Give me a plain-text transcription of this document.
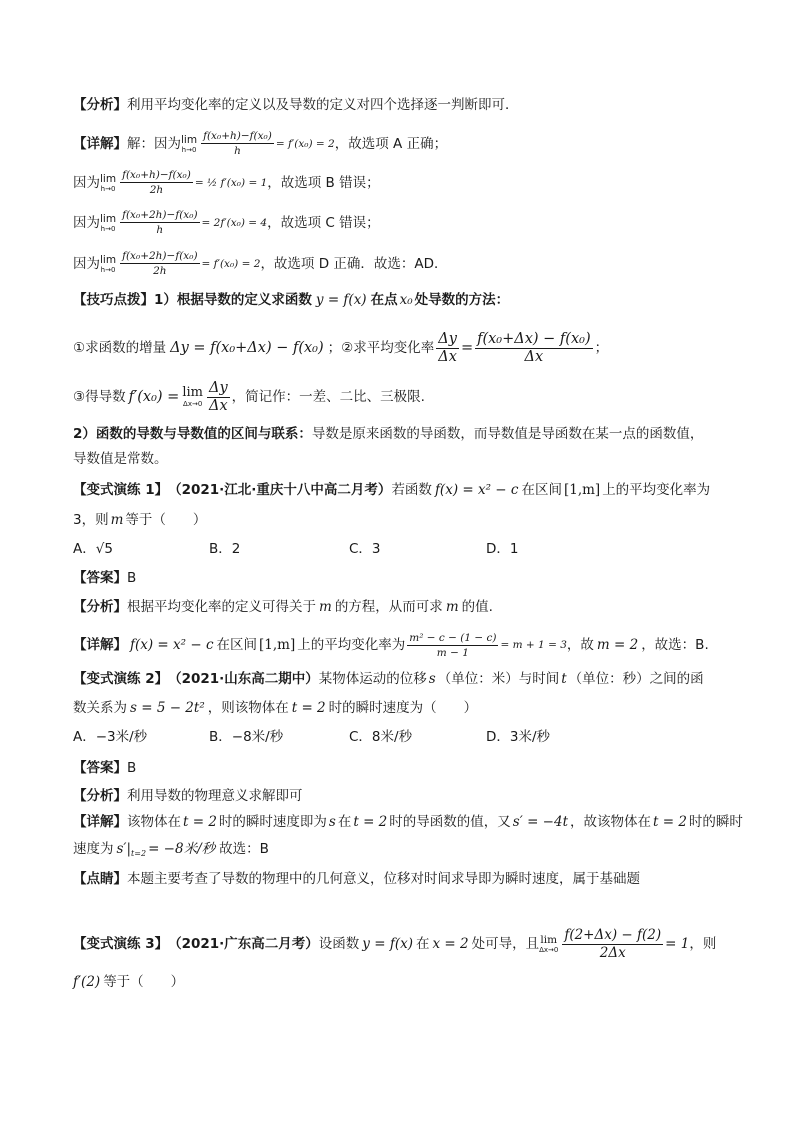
【分析】 利用平均变化率的定义以及导数的定义对四个选择逐一判断即可．
【详解】 解：因为 lim
$h\to 0 \frac{\text{f(x₀+h)−f(x₀)}}{h} = f'(x_0) = 2$ ，故选项 A 正确；
因为 lim
$h\to 0 \frac{\text{f(x₀+h)−f(x₀)}}{2h}$ = ½ f′(x₀) = 1 ，故选项 B 错误；
因为 lim
$h\to 0 \frac{\text{f(x₀+2h)−f(x₀)}}{h} = 2f'(x_0) = 4$ ，故选项 C 错误；
因为 lim
$h\to 0 \frac{\text{f(x₀+2h)−f(x₀)}}{2h} = f'(x_0) = 2$ ，故选项 D 正确．故选：AD．
【技巧点拨】 1）根据导数的定义求函数 y = f(x) 在点 x₀ 处导数的方法：
①求函数的增量 Δy = f(x₀+Δx) − f(x₀) ；②求平均变化率 $\frac{\Delta y}{\Delta x} = \frac{\text{f(x₀+Δx) − f(x₀)}}{\Delta x}$ ；
③得导数 f′(x₀) = lim
$\Delta x\to 0 \frac{\Delta y}{\Delta x}$ ，简记作：一差、二比、三极限.
2）函数的导数与导数值的区间与联系： 导数是原来函数的导函数，而导数值是导函数在某一点的函数值，
导数值是常数。
【变式演练 1】 （2021·江北·重庆十八中高二月考） 若函数 f(x) = x² − c 在区间 [1,m] 上的平均变化率为
3，则 m 等于（　　）
A．√5	B．2	C．3	D．1
【答案】 B
【分析】 根据平均变化率的定义可得关于 m 的方程，从而可求 m 的值.
【详解】 f(x) = x² − c 在区间 [1,m] 上的平均变化率为 $\frac{\text{m² − c − (1 − c)}}{m - 1} = m + 1 = 3$ ，故 m = 2 ，故选：B.
【变式演练 2】 （2021·山东高二期中） 某物体运动的位移 s （单位：米）与时间 t （单位：秒）之间的函
数关系为 s = 5 − 2t² ，则该物体在 t = 2 时的瞬时速度为（　　）
A．−3米/秒	B．−8米/秒	C．8米/秒	D．3米/秒
【答案】 B
【分析】 利用导数的物理意义求解即可
【详解】 该物体在 t = 2 时的瞬时速度即为 s 在 t = 2 时的导函数的值，又 s′ = −4t ，故该物体在 t = 2 时的瞬时
速度为 s′| t=2 = −8米/秒 故选：B
【点睛】 本题主要考查了导数的物理中的几何意义，位移对时间求导即为瞬时速度，属于基础题
【变式演练 3】 （2021·广东高二月考） 设函数 y = f(x) 在 x = 2 处可导，且 lim
$\Delta x\to 0 \frac{f(2+\Delta x) - f(2)}{2\Delta x} = 1$ ，则
f′(2) 等于（　　）
